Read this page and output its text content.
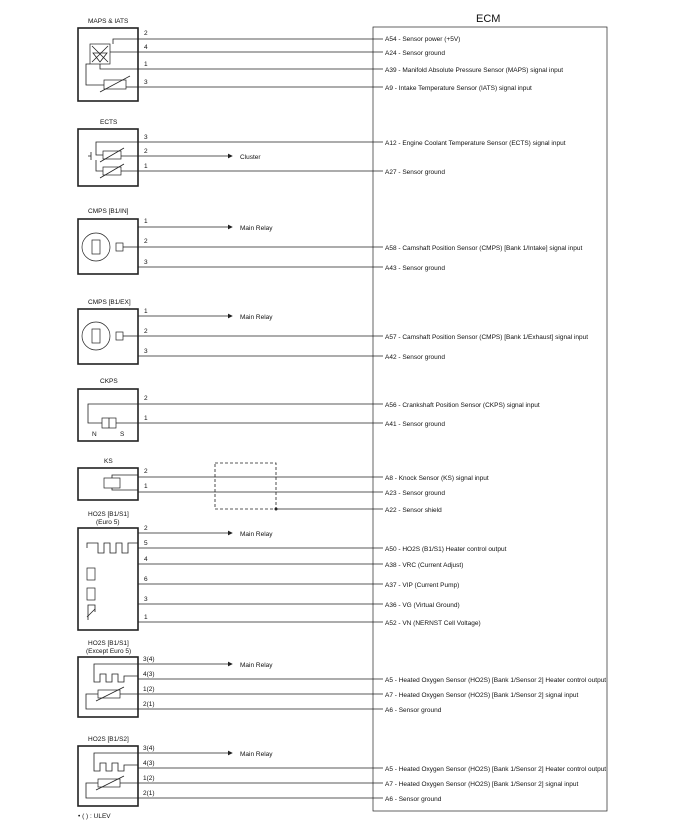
ECM
MAPS & IATS
2
4
1
3
A54 - Sensor power (+5V)
A24 - Sensor ground
A39 - Manifold Absolute Pressure Sensor (MAPS) signal input
A9 - Intake Temperature Sensor (IATS) signal input
ECTS
3
2
1
Cluster
A12 - Engine Coolant Temperature Sensor (ECTS) signal input
A27 - Sensor ground
CMPS [B1/IN]
1
2
3
Main Relay
A58 - Camshaft Position Sensor (CMPS) [Bank 1/Intake] signal input
A43 - Sensor ground
CMPS [B1/EX]
1
2
3
Main Relay
A57 - Camshaft Position Sensor (CMPS) [Bank 1/Exhaust] signal input
A42 - Sensor ground
CKPS
N	S
2
1
A56 - Crankshaft Position Sensor (CKPS) signal input
A41 - Sensor ground
KS
2
1
A8 - Knock Sensor (KS) signal input
A23 - Sensor ground
A22 - Sensor shield
HO2S [B1/S1]
(Euro 5)
2
5
4
6
3
1
Main Relay
A50 - HO2S (B1/S1) Heater control output
A38 - VRC (Current Adjust)
A37 - VIP (Current Pump)
A36 - VG (Virtual Ground)
A52 - VN (NERNST Cell Voltage)
HO2S [B1/S1]
(Except Euro 5)
3(4)
4(3)
1(2)
2(1)
Main Relay
A5 - Heated Oxygen Sensor (HO2S) [Bank 1/Sensor 2] Heater control output
A7 - Heated Oxygen Sensor (HO2S) [Bank 1/Sensor 2] signal input
A6 - Sensor ground
HO2S [B1/S2]
3(4)
4(3)
1(2)
2(1)
Main Relay
A5 - Heated Oxygen Sensor (HO2S) [Bank 1/Sensor 2] Heater control output
A7 - Heated Oxygen Sensor (HO2S) [Bank 1/Sensor 2] signal input
A6 - Sensor ground
• ( ) : ULEV
